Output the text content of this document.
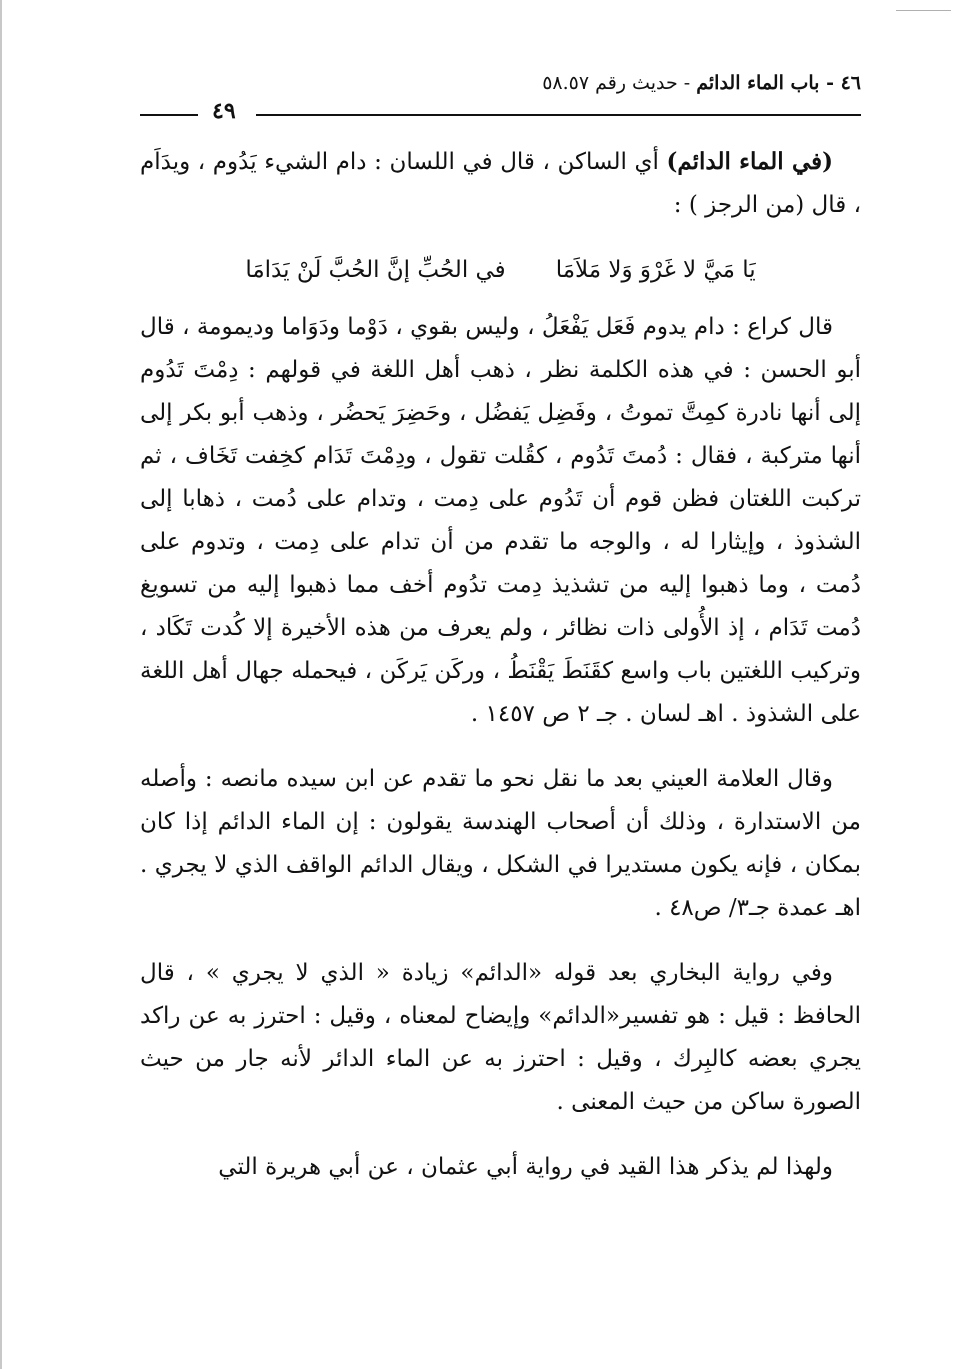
٤٦ - باب الماء الدائم - حديث رقم ٥٨.٥٧
٤٩

(في الماء الدائم) أي الساكن ، قال في اللسان : دام الشيء يَدُوم ، ويدَاَم ، قال (من الرجز ) :

يَا مَيَّ لا غَرْوَ وَلا مَلاَمَا
في الحُبِّ إنَّ الحُبَّ لَنْ يَدَامَا

قال كراع : دام يدوم فَعَل يَفْعَلُ ، وليس بقوي ، دَوْما ودَوَاما وديمومة ، قال أبو الحسن : في هذه الكلمة نظر ، ذهب أهل اللغة في قولهم : دِمْتَ تَدُوم إلى أنها نادرة كمِتَّ تموتُ ، وفَضِل يَفضُل ، وحَضِرَ يَحضُر ، وذهب أبو بكر إلى أنها متركبة ، فقال : دُمتَ تَدُوم ، كقُلت تقول ، ودِمْتَ تَدَام كخِفت تَخَاف ، ثم تركبت اللغتان فظن قوم أن تَدُوم على دِمت ، وتدام على دُمت ، ذهابا إلى الشذوذ ، وإيثارا له ، والوجه ما تقدم من أن تدام على دِمت ، وتدوم على دُمت ، وما ذهبوا إليه من تشذيذ دِمت تدُوم أخف مما ذهبوا إليه من تسويغ دُمت تَدَام ، إذ الأُولى ذات نظائر ، ولم يعرف من هذه الأخيرة إلا كُدت تَكَاد ، وتركيب اللغتين باب واسع كقَنَطَ يَقْنَطُ ، وركَن يَركَن ، فيحمله جهال أهل اللغة على الشذوذ . اهـ لسان . جـ ٢ ص ١٤٥٧ .

وقال العلامة العيني بعد ما نقل نحو ما تقدم عن ابن سيده مانصه : وأصله من الاستدارة ، وذلك أن أصحاب الهندسة يقولون : إن الماء الدائم إذا كان بمكان ، فإنه يكون مستديرا في الشكل ، ويقال الدائم الواقف الذي لا يجري . اهـ عمدة جـ٣/ ص٤٨ .

وفي رواية البخاري بعد قوله «الدائم» زيادة « الذي لا يجري » ، قال الحافظ : قيل : هو تفسير«الدائم» وإيضاح لمعناه ، وقيل : احترز به عن راكد يجري بعضه كالبِرك ، وقيل : احترز به عن الماء الدائر لأنه جار من حيث الصورة ساكن من حيث المعنى .

ولهذا لم يذكر هذا القيد في رواية أبي عثمان ، عن أبي هريرة التي
